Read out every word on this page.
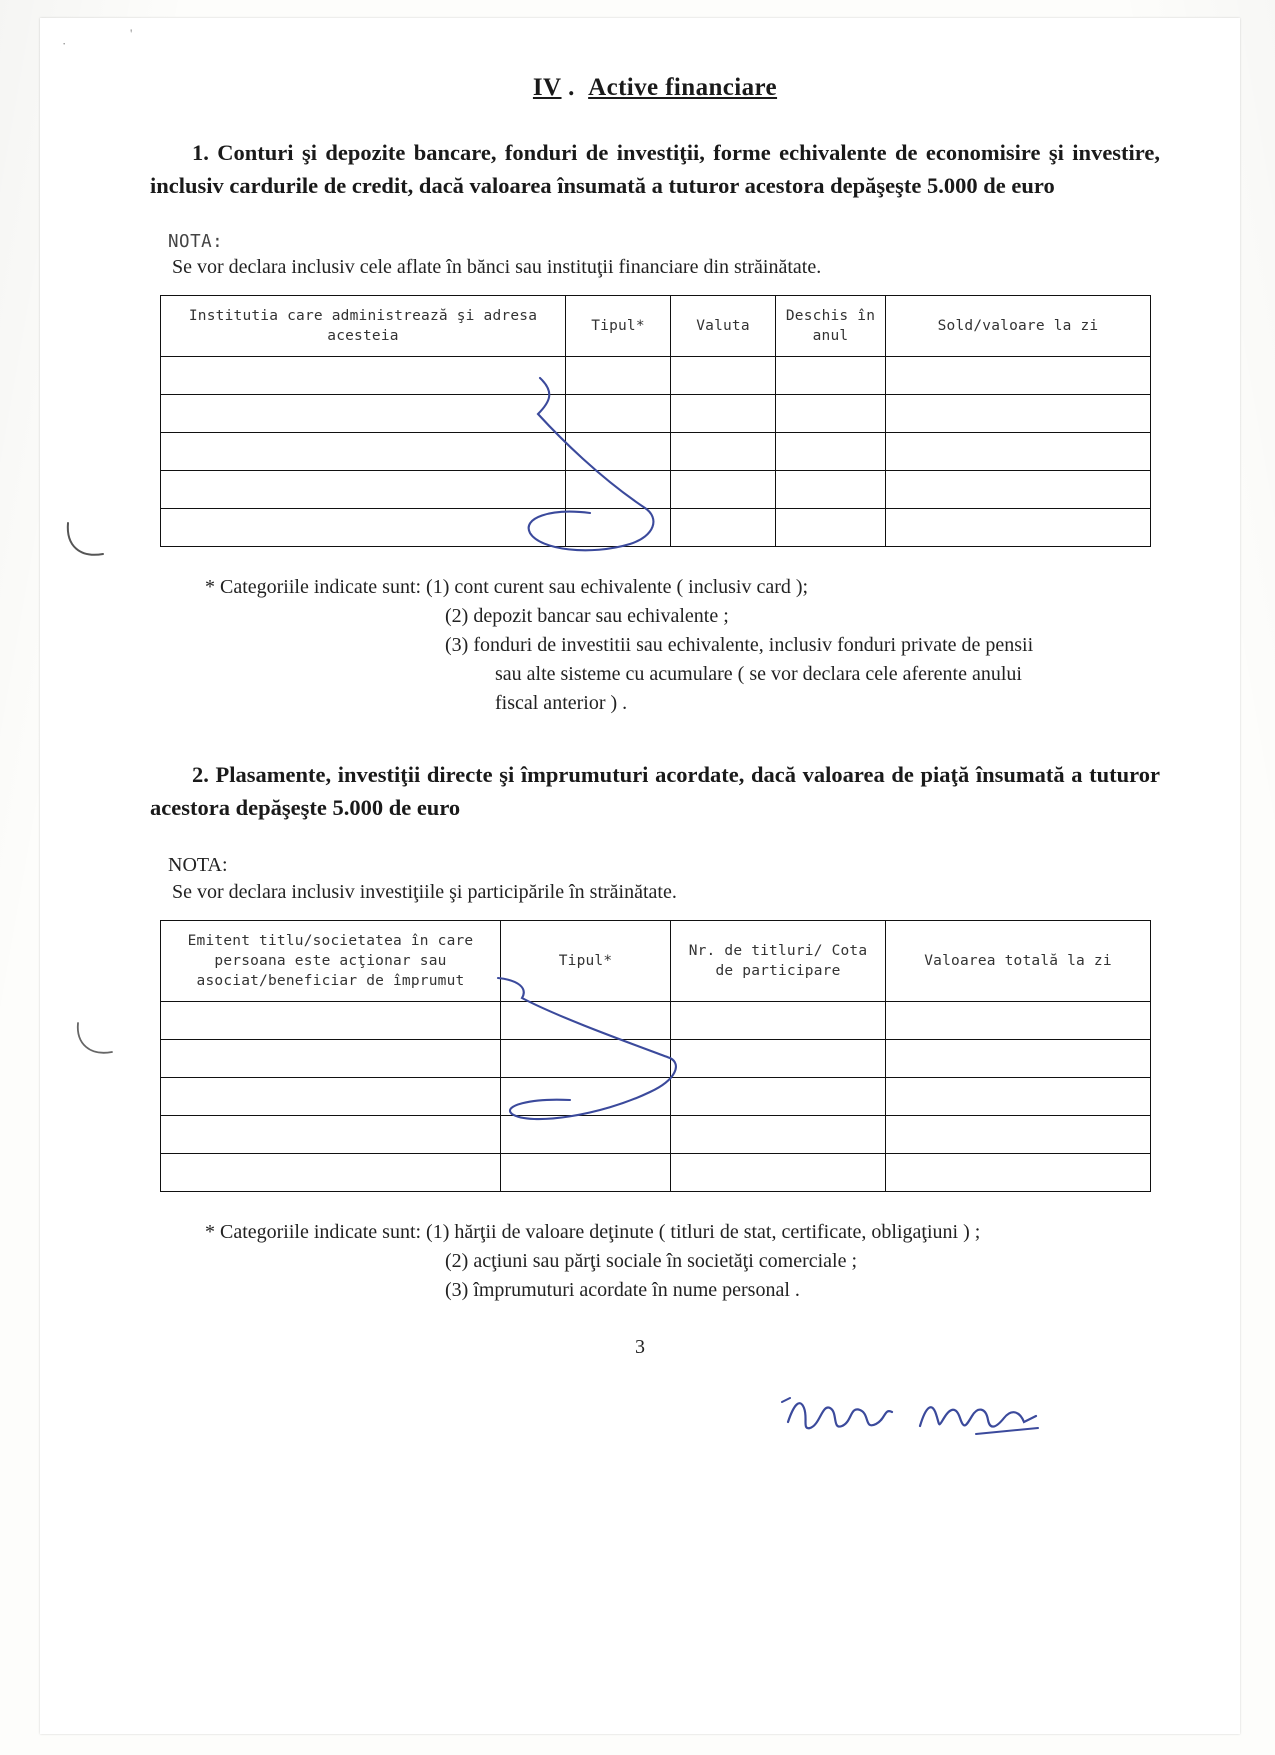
IV .  Active financiare
1. Conturi şi depozite bancare, fonduri de investiţii, forme echivalente de economisire şi investire, inclusiv cardurile de credit, dacă valoarea însumată a tuturor acestora depăşeşte 5.000 de euro
NOTA:
Se vor declara inclusiv cele aflate în bănci sau instituţii financiare din străinătate.
Institutia care administrează şi adresa acesteia	Tipul*	Valuta	Deschis în anul	Sold/valoare la zi

* Categoriile indicate sunt: (1) cont curent sau echivalente ( inclusiv card );
(2) depozit bancar sau echivalente ;
(3) fonduri de investitii sau echivalente, inclusiv fonduri private de pensii
sau alte sisteme cu acumulare ( se vor declara cele aferente anului
fiscal anterior ) .
2. Plasamente, investiţii directe şi împrumuturi acordate, dacă valoarea de piaţă însumată a tuturor acestora depăşeşte 5.000 de euro
NOTA:
Se vor declara inclusiv investiţiile şi participările în străinătate.
Emitent titlu/societatea în care persoana este acţionar sau asociat/beneficiar de împrumut	Tipul*	Nr. de titluri/ Cota de participare	Valoarea totală la zi

* Categoriile indicate sunt: (1) hărţii de valoare deţinute ( titluri de stat, certificate, obligaţiuni ) ;
(2) acţiuni sau părţi sociale în societăţi comerciale ;
(3) împrumuturi acordate în nume personal .
3
·
'
